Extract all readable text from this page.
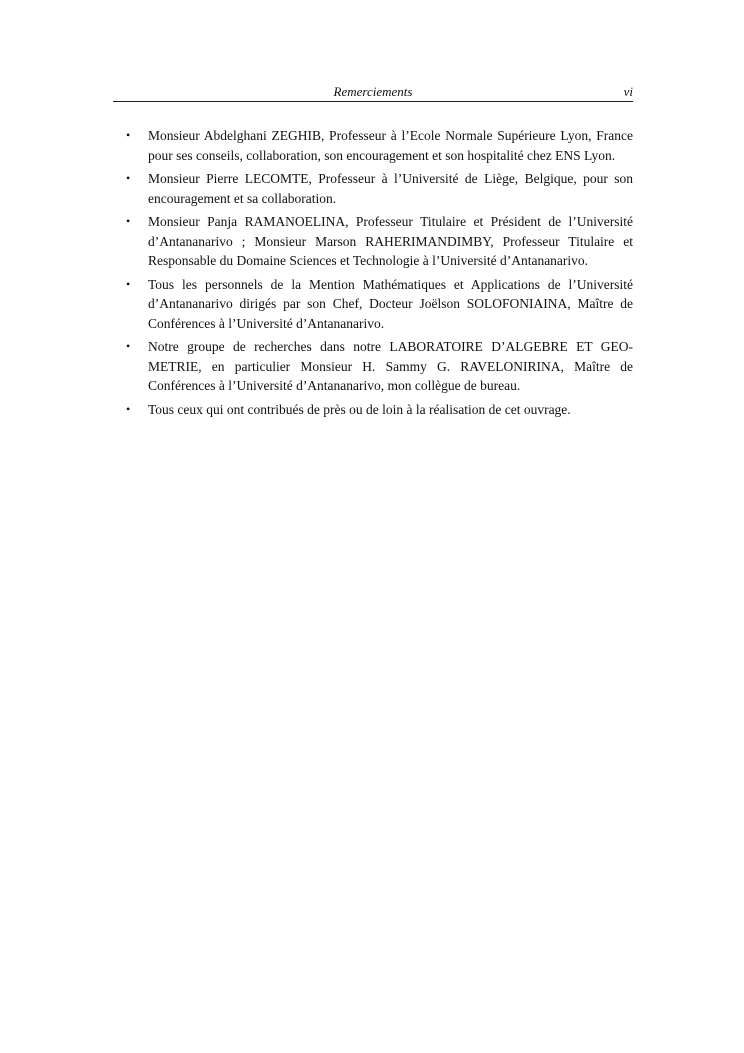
Remerciements	vi
• Monsieur Abdelghani ZEGHIB, Professeur à l’Ecole Normale Supérieure Lyon, France pour ses conseils, collaboration, son encouragement et son hospitalité chez ENS Lyon.
• Monsieur Pierre LECOMTE, Professeur à l’Université de Liège, Belgique, pour son encouragement et sa collaboration.
• Monsieur Panja RAMANOELINA, Professeur Titulaire et Président de l’Université d’Antananarivo ; Monsieur Marson RAHERIMANDIMBY, Professeur Titulaire et Responsable du Domaine Sciences et Technologie à l’Université d’Antananarivo.
• Tous les personnels de la Mention Mathématiques et Applications de l’Université d’Antananarivo dirigés par son Chef, Docteur Joëlson SOLOFONIAINA, Maître de Conférences à l’Université d’Antananarivo.
• Notre groupe de recherches dans notre LABORATOIRE D’ALGEBRE ET GEOMETRIE, en particulier Monsieur H. Sammy G. RAVELONIRINA, Maître de Conférences à l’Université d’Antananarivo, mon collègue de bureau.
• Tous ceux qui ont contribués de près ou de loin à la réalisation de cet ouvrage.
